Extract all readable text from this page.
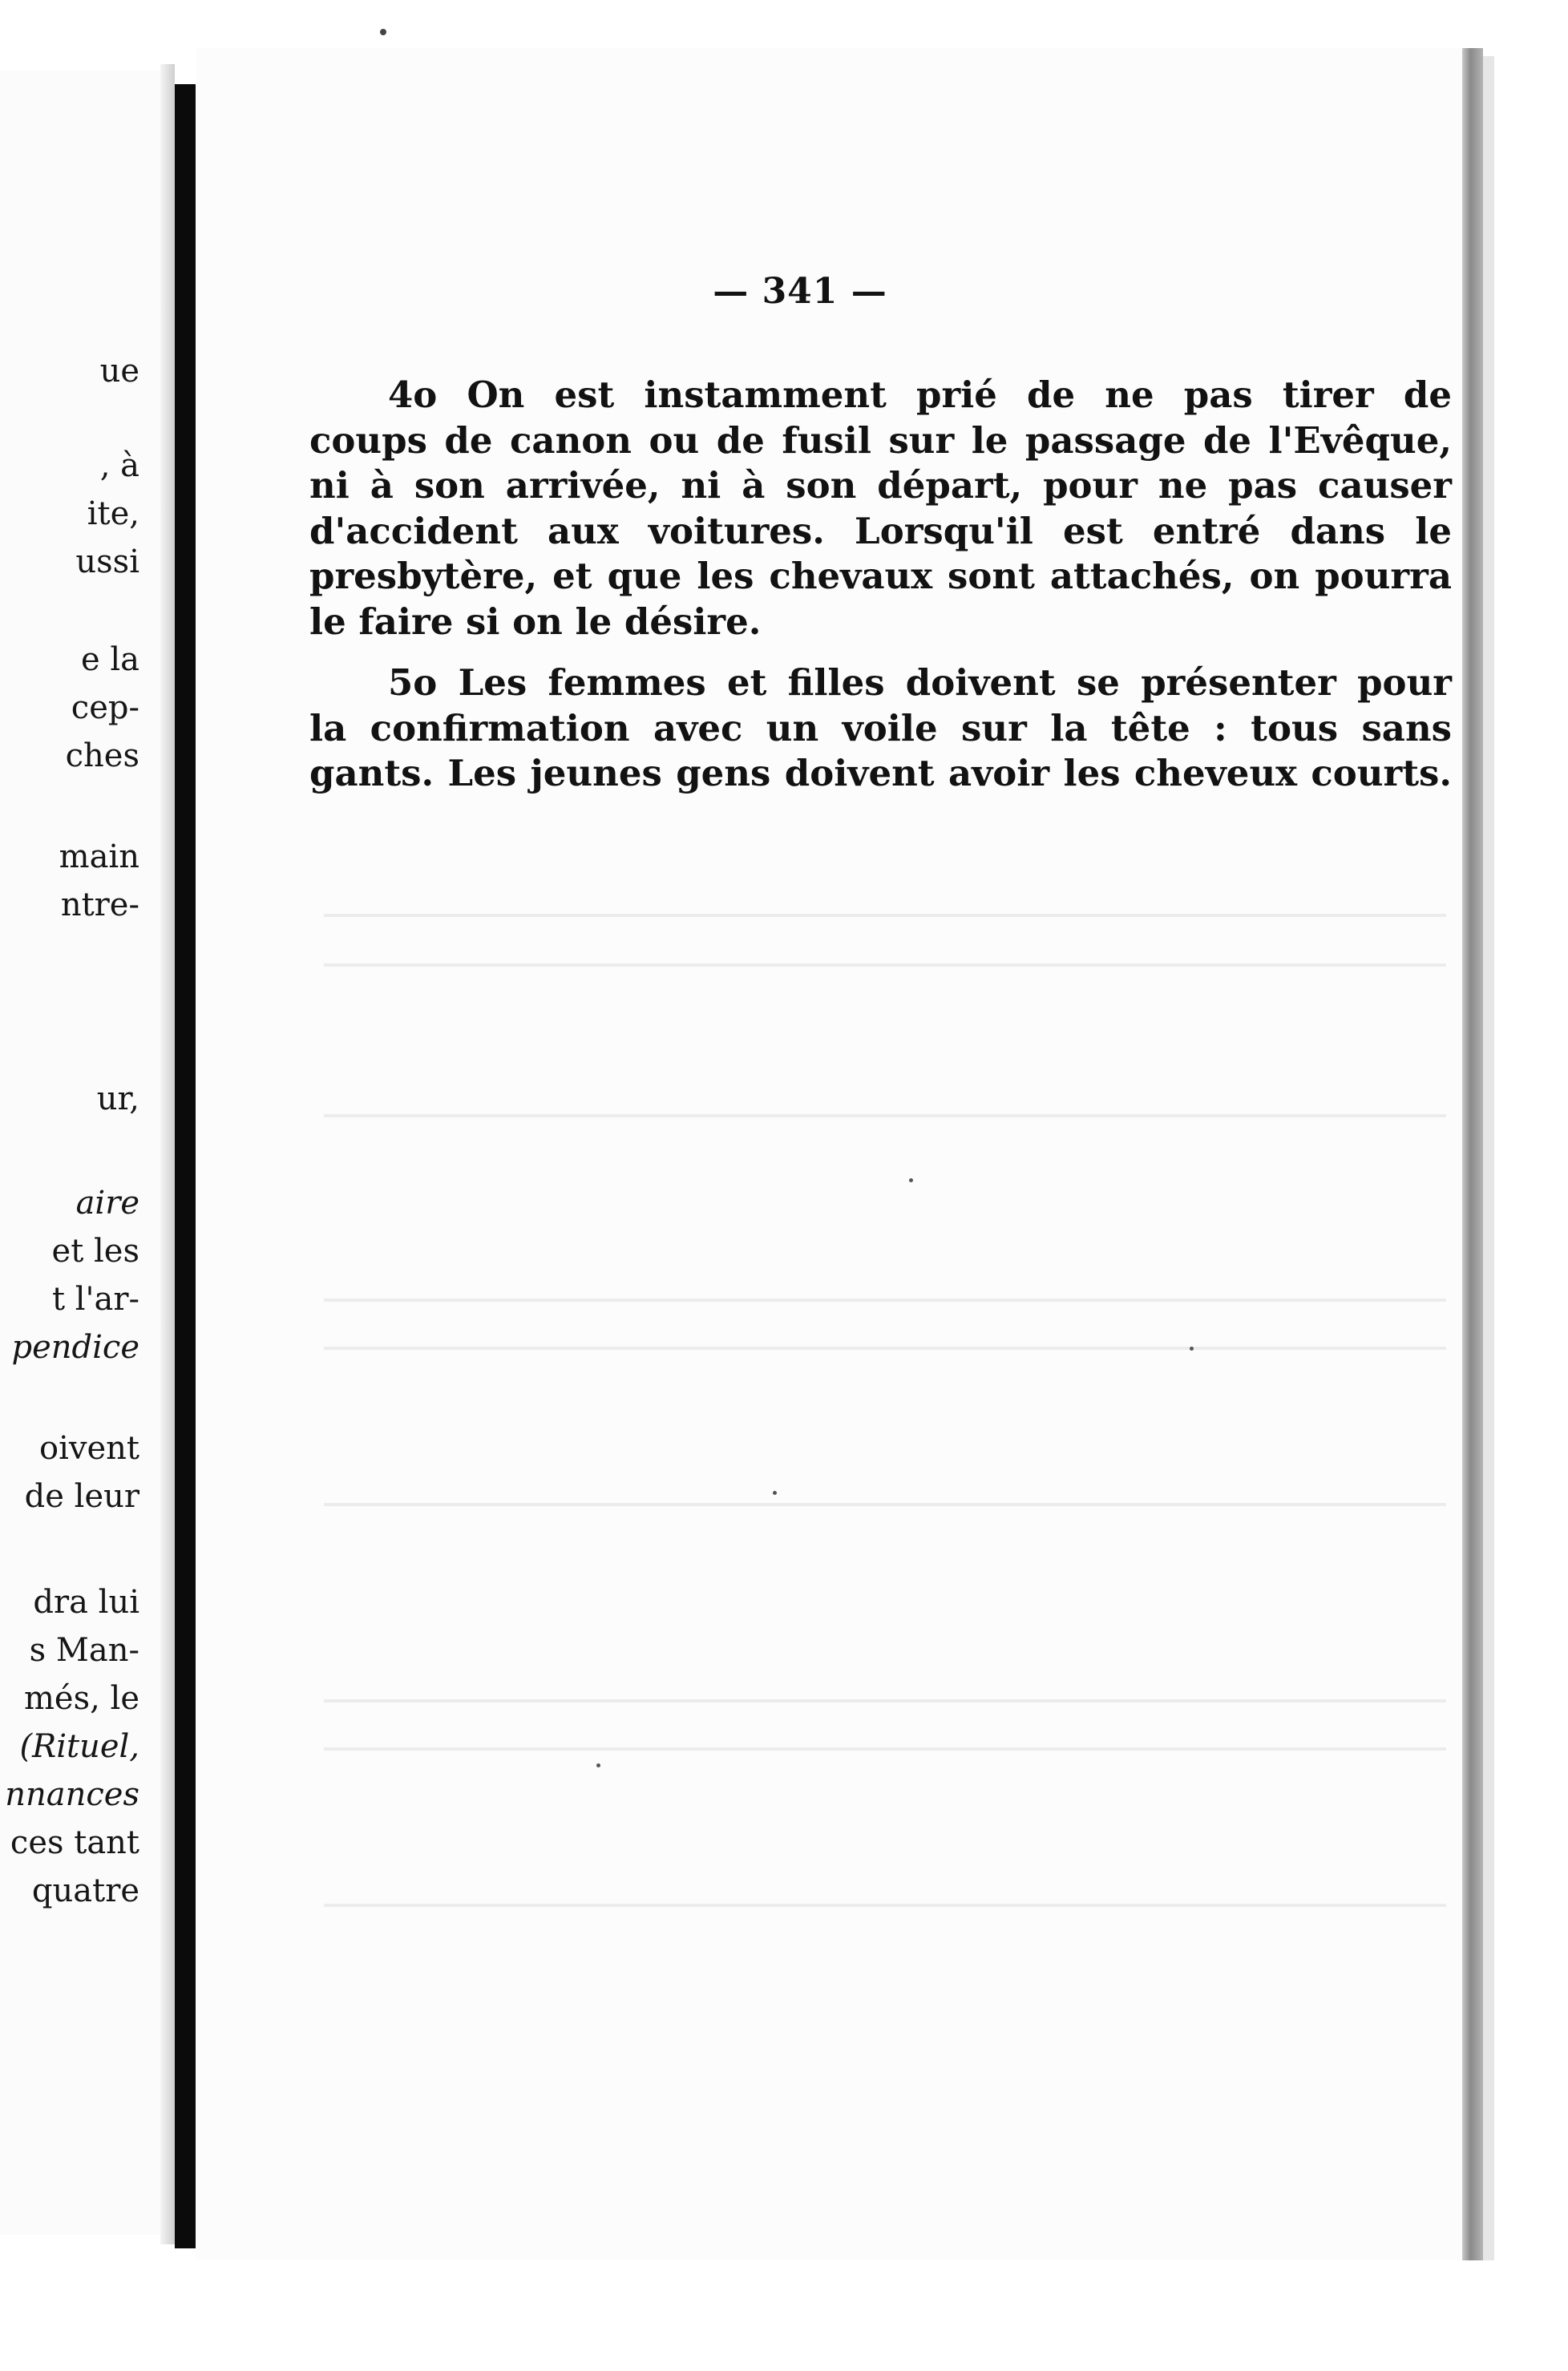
ue
, à
ite,
ussi
e la
cep-
ches
main
ntre-
ur,
aire
et les
t l'ar-
pendice
oivent
de leur
dra lui
s Man-
més, le
(Rituel,
nnances
ces tant
quatre
— 341 —
4o On est instamment prié de ne pas tirer de
coups de canon ou de fusil sur le passage de l'Evêque,
ni à son arrivée, ni à son départ, pour ne pas causer
d'accident aux voitures. Lorsqu'il est entré dans le
presbytère, et que les chevaux sont attachés, on pourra
le faire si on le désire.
5o Les femmes et filles doivent se présenter pour
la confirmation avec un voile sur la tête : tous sans
gants. Les jeunes gens doivent avoir les cheveux courts.
